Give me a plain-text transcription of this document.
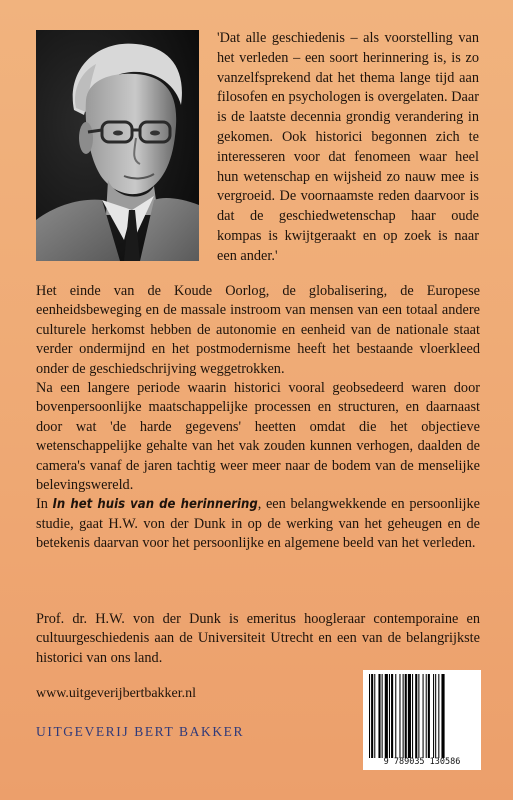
'Dat alle geschiedenis – als voorstelling van het verleden – een soort herinnering is, is zo vanzelfsprekend dat het thema lange tijd aan filosofen en psychologen is overgelaten. Daar is de laatste decennia grondig verandering in gekomen. Ook historici begonnen zich te interesseren voor dat fenomeen waar heel hun wetenschap en wijsheid zo nauw mee is vergroeid. De voornaamste reden daarvoor is dat de geschiedwetenschap haar oude kompas is kwijtgeraakt en op zoek is naar een ander.'

Het einde van de Koude Oorlog, de globalisering, de Europese eenheidsbeweging en de massale instroom van mensen van een totaal andere culturele herkomst hebben de autonomie en eenheid van de nationale staat verder ondermijnd en het postmodernisme heeft het bestaande vloerkleed onder de geschiedschrijving weggetrokken.

Na een langere periode waarin historici vooral geobsedeerd waren door bovenpersoonlijke maatschappelijke processen en structuren, en daarnaast door wat 'de harde gegevens' heetten omdat die het objectieve wetenschappelijke gehalte van het vak zouden kunnen verhogen, daalden de camera's vanaf de jaren tachtig weer meer naar de bodem van de menselijke belevingswereld.

In In het huis van de herinnering, een belangwekkende en persoonlijke studie, gaat H.W. von der Dunk in op de werking van het geheugen en de betekenis daarvan voor het persoonlijke en algemene beeld van het verleden.

Prof. dr. H.W. von der Dunk is emeritus hoogleraar contemporaine en cultuurgeschiedenis aan de Universiteit Utrecht en een van de belangrijkste historici van ons land.
www.uitgeverijbertbakker.nl
UITGEVERIJ BERT BAKKER
9 789035 130586
